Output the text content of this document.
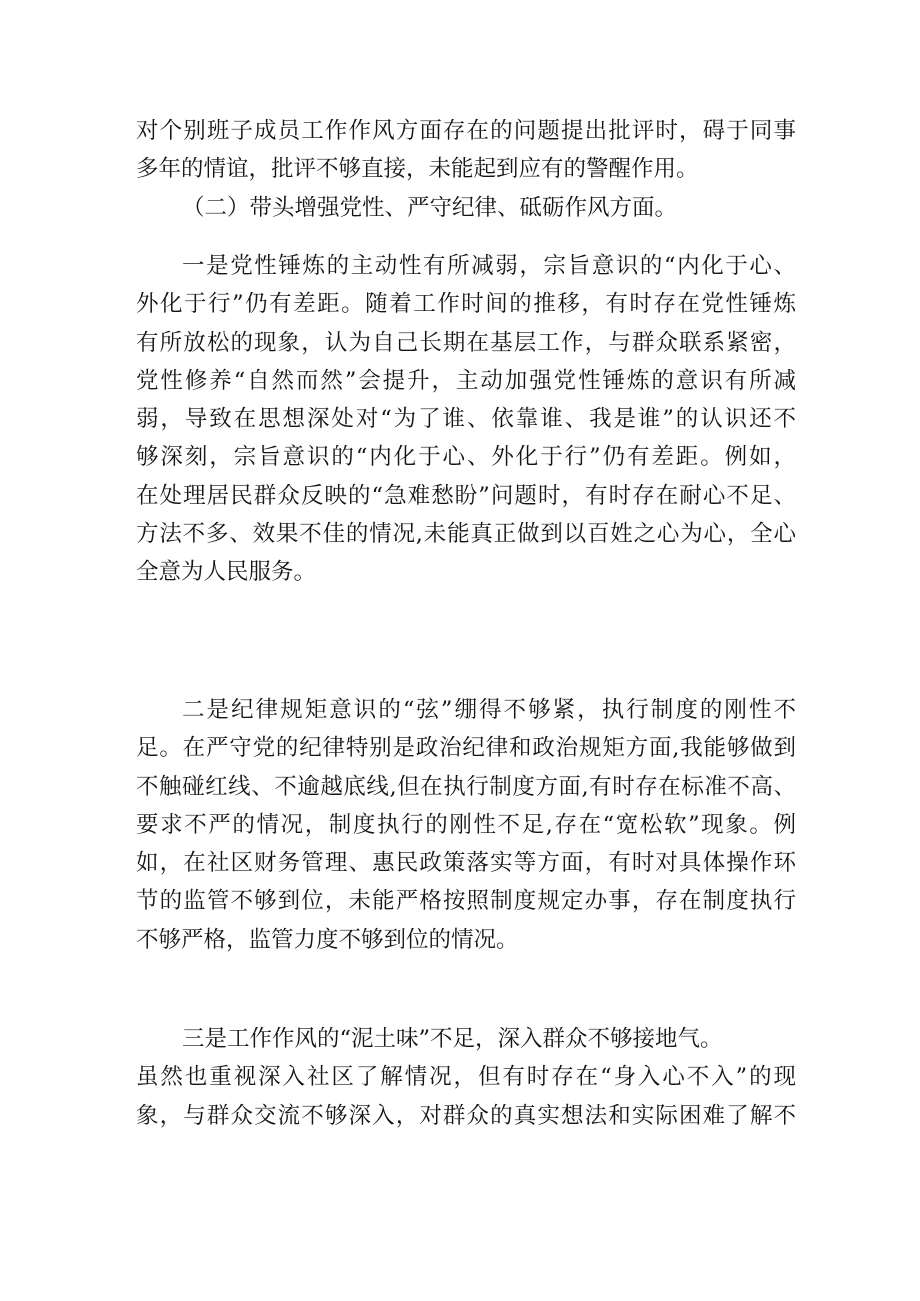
对个别班子成员工作作风方面存在的问题提出批评时，碍于同事
多年的情谊，批评不够直接，未能起到应有的警醒作用。
（二）带头增强党性、严守纪律、砥砺作风方面。
一是党性锤炼的主动性有所减弱，宗旨意识的“内化于心、
外化于行”仍有差距。随着工作时间的推移，有时存在党性锤炼
有所放松的现象，认为自己长期在基层工作，与群众联系紧密，
党性修养“自然而然”会提升，主动加强党性锤炼的意识有所减
弱，导致在思想深处对“为了谁、依靠谁、我是谁”的认识还不
够深刻，宗旨意识的“内化于心、外化于行”仍有差距。例如，
在处理居民群众反映的“急难愁盼”问题时，有时存在耐心不足、
方法不多、效果不佳的情况,未能真正做到以百姓之心为心，全心
全意为人民服务。
二是纪律规矩意识的“弦”绷得不够紧，执行制度的刚性不
足。在严守党的纪律特别是政治纪律和政治规矩方面,我能够做到
不触碰红线、不逾越底线,但在执行制度方面,有时存在标准不高、
要求不严的情况，制度执行的刚性不足,存在“宽松软”现象。例
如，在社区财务管理、惠民政策落实等方面，有时对具体操作环
节的监管不够到位，未能严格按照制度规定办事，存在制度执行
不够严格，监管力度不够到位的情况。
三是工作作风的“泥土味”不足，深入群众不够接地气。
虽然也重视深入社区了解情况，但有时存在“身入心不入”的现
象，与群众交流不够深入，对群众的真实想法和实际困难了解不
